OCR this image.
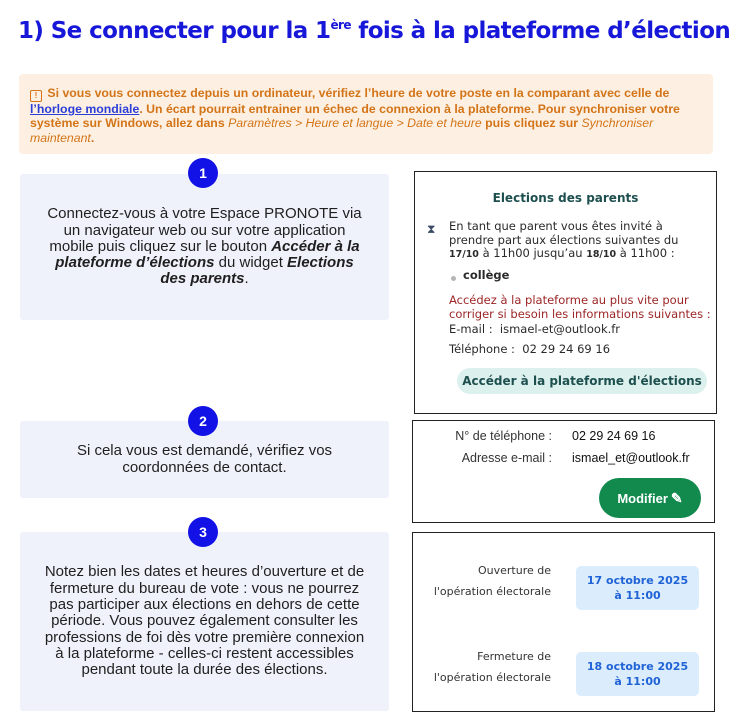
1) Se connecter pour la 1ère fois à la plateforme d’élection
! Si vous vous connectez depuis un ordinateur, vérifiez l’heure de votre poste en la comparant avec celle de l’horloge mondiale. Un écart pourrait entrainer un échec de connexion à la plateforme. Pour synchroniser votre système sur Windows, allez dans Paramètres > Heure et langue > Date et heure puis cliquez sur Synchroniser maintenant.
Connectez-vous à votre Espace PRONOTE via un navigateur web ou sur votre application mobile puis cliquez sur le bouton Accéder à la plateforme d’élections du widget Elections des parents.
1
Si cela vous est demandé, vérifiez vos coordonnées de contact.
2
Notez bien les dates et heures d’ouverture et de fermeture du bureau de vote : vous ne pourrez pas participer aux élections en dehors de cette période. Vous pouvez également consulter les professions de foi dès votre première connexion à la plateforme - celles-ci restent accessibles pendant toute la durée des élections.
3
Elections des parents
⧗ En tant que parent vous êtes invité à prendre part aux élections suivantes du
17/10 à 11h00 jusqu’au 18/10 à 11h00 :
collège
Accédez à la plateforme au plus vite pour corriger si besoin les informations suivantes :
E-mail : ismael-et@outlook.fr
Téléphone : 02 29 24 69 16
Accéder à la plateforme d'élections
N° de téléphone : 02 29 24 69 16
Adresse e-mail : ismael_et@outlook.fr
Modifier ✎
Ouverture de l'opération électorale
17 octobre 2025
à 11:00
Fermeture de l'opération électorale
18 octobre 2025
à 11:00
